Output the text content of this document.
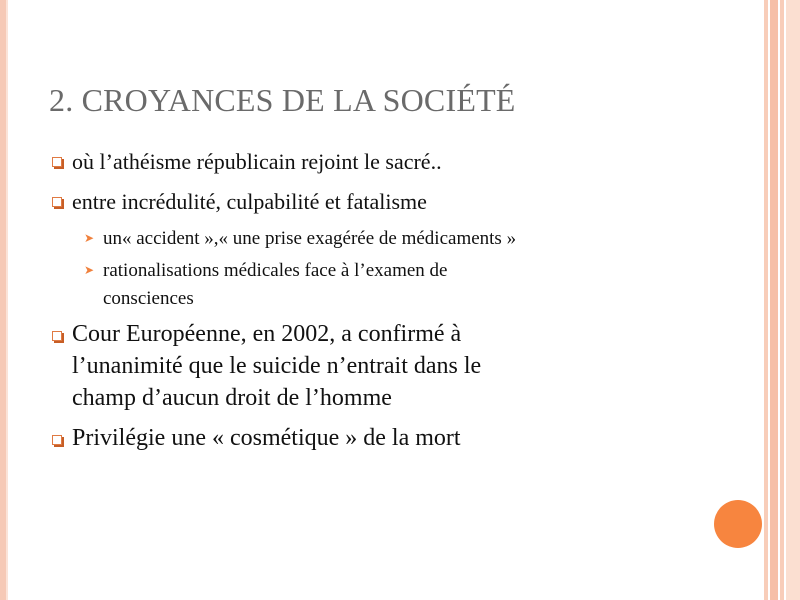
2. CROYANCES DE LA SOCIÉTÉ
où l’athéisme républicain rejoint le sacré..
entre incrédulité, culpabilité et fatalisme
➤ un« accident »,« une prise exagérée de médicaments »
➤ rationalisations médicales face à l’examen de
consciences
Cour Européenne, en 2002, a confirmé à
l’unanimité que le suicide n’entrait dans le
champ d’aucun droit de l’homme
Privilégie une « cosmétique » de la mort
